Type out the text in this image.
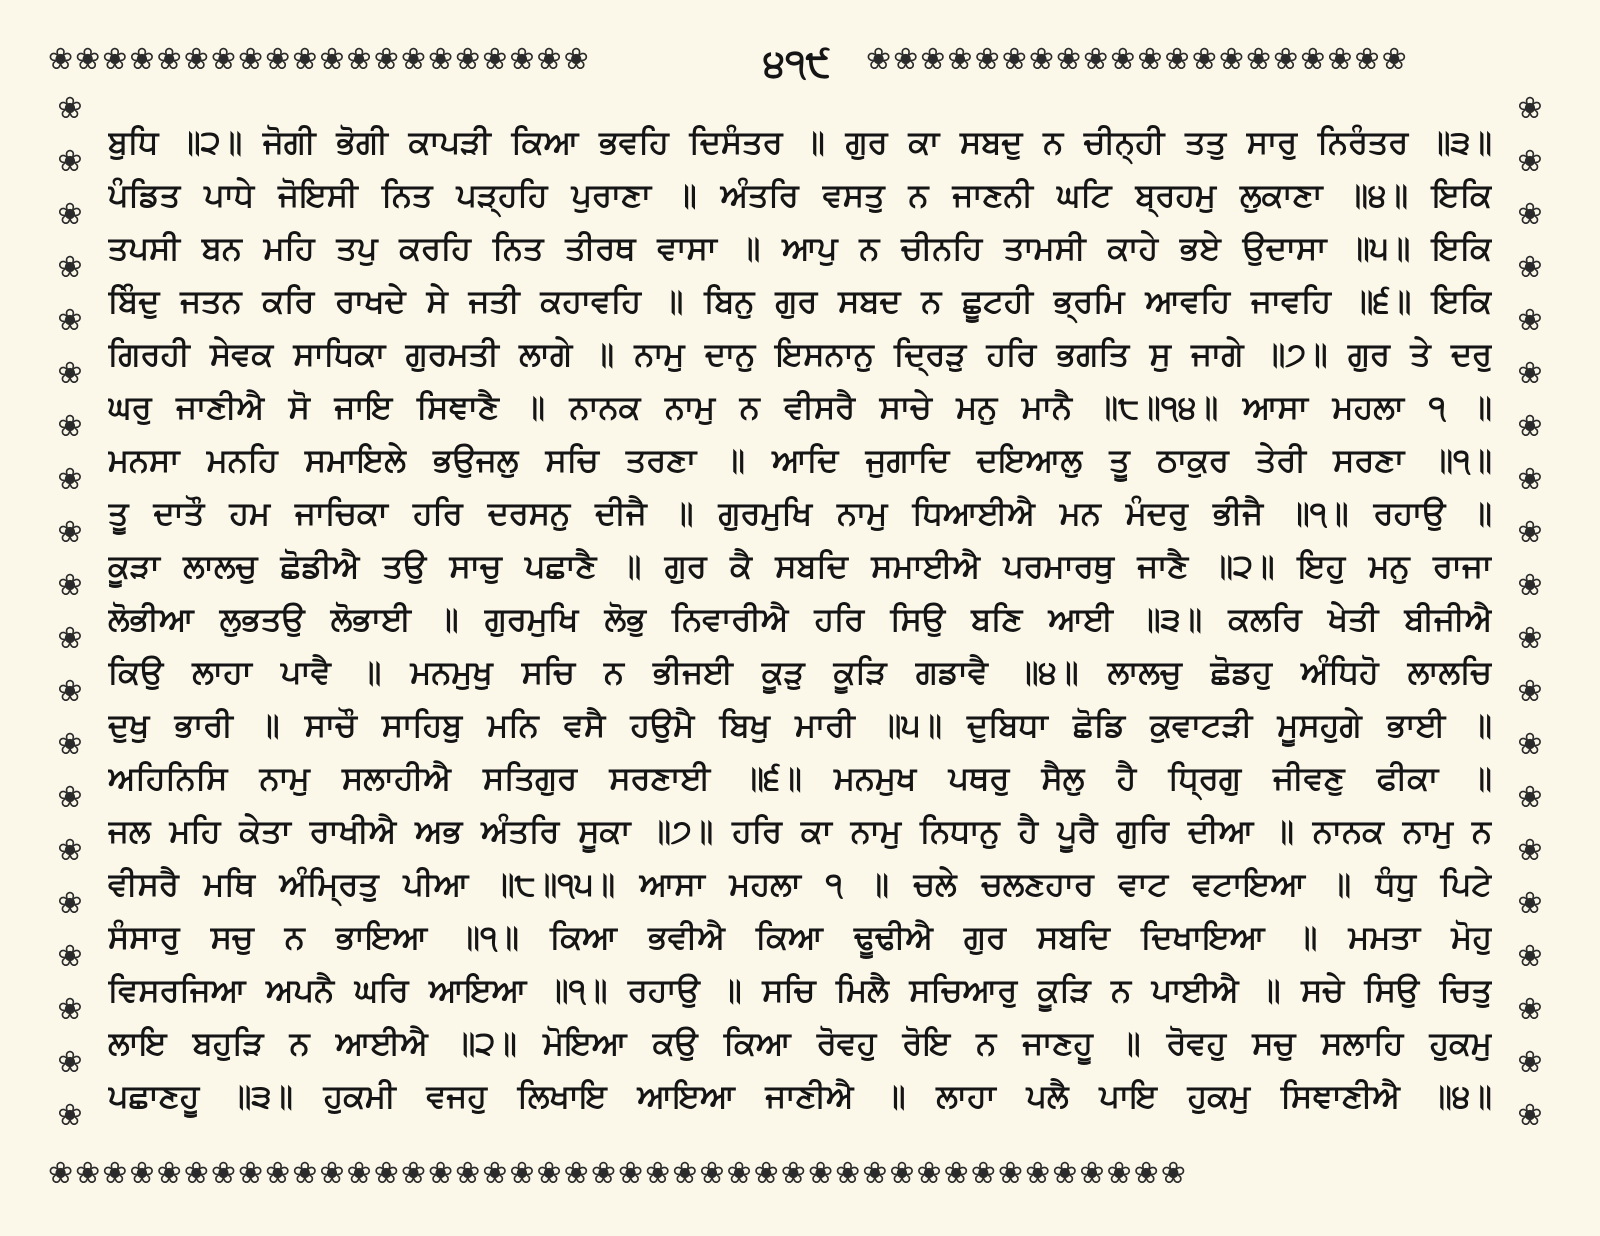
❀ ❀ ❀ ❀ ❀ ❀ ❀ ❀ ❀ ❀ ❀ ❀ ❀ ❀ ❀ ❀ ❀ ❀ ❀ ❀	੪੧੯	❀ ❀ ❀ ❀ ❀ ❀ ❀ ❀ ❀ ❀ ❀ ❀ ❀ ❀ ❀ ❀ ❀ ❀ ❀ ❀
❀
❀
❀
❀
❀
❀
❀
❀
❀
❀
❀
❀
❀
❀
❀
❀
❀
❀
❀
❀
❀
❀
❀
❀
❀
❀
❀
❀
❀
❀
❀
❀
❀
❀
❀
❀
❀
❀
❀
❀
❀ ❀ ❀ ❀ ❀ ❀ ❀ ❀ ❀ ❀ ❀ ❀ ❀ ❀ ❀ ❀ ❀ ❀ ❀ ❀ ❀ ❀ ❀ ❀ ❀ ❀ ❀ ❀ ❀ ❀ ❀ ❀ ❀ ❀ ❀ ❀ ❀ ❀ ❀ ❀ ❀ ❀
ਬੁਧਿ ॥੨॥ ਜੋਗੀ ਭੋਗੀ ਕਾਪੜੀ ਕਿਆ ਭਵਹਿ ਦਿਸੰਤਰ ॥ ਗੁਰ ਕਾ ਸਬਦੁ ਨ ਚੀਨ੍ਹੀ ਤਤੁ ਸਾਰੁ ਨਿਰੰਤਰ ॥੩॥
ਪੰਡਿਤ ਪਾਧੇ ਜੋਇਸੀ ਨਿਤ ਪੜ੍ਹਹਿ ਪੁਰਾਣਾ ॥ ਅੰਤਰਿ ਵਸਤੁ ਨ ਜਾਣਨੀ ਘਟਿ ਬ੍ਰਹਮੁ ਲੁਕਾਣਾ ॥੪॥ ਇਕਿ
ਤਪਸੀ ਬਨ ਮਹਿ ਤਪੁ ਕਰਹਿ ਨਿਤ ਤੀਰਥ ਵਾਸਾ ॥ ਆਪੁ ਨ ਚੀਨਹਿ ਤਾਮਸੀ ਕਾਹੇ ਭਏ ਉਦਾਸਾ ॥੫॥ ਇਕਿ
ਬਿੰਦੁ ਜਤਨ ਕਰਿ ਰਾਖਦੇ ਸੇ ਜਤੀ ਕਹਾਵਹਿ ॥ ਬਿਨੁ ਗੁਰ ਸਬਦ ਨ ਛੂਟਹੀ ਭ੍ਰਮਿ ਆਵਹਿ ਜਾਵਹਿ ॥੬॥ ਇਕਿ
ਗਿਰਹੀ ਸੇਵਕ ਸਾਧਿਕਾ ਗੁਰਮਤੀ ਲਾਗੇ ॥ ਨਾਮੁ ਦਾਨੁ ਇਸਨਾਨੁ ਦ੍ਰਿੜੁ ਹਰਿ ਭਗਤਿ ਸੁ ਜਾਗੇ ॥੭॥ ਗੁਰ ਤੇ ਦਰੁ
ਘਰੁ ਜਾਣੀਐ ਸੋ ਜਾਇ ਸਿਞਾਣੈ ॥ ਨਾਨਕ ਨਾਮੁ ਨ ਵੀਸਰੈ ਸਾਚੇ ਮਨੁ ਮਾਨੈ ॥੮॥੧੪॥ ਆਸਾ ਮਹਲਾ ੧ ॥
ਮਨਸਾ ਮਨਹਿ ਸਮਾਇਲੇ ਭਉਜਲੁ ਸਚਿ ਤਰਣਾ ॥ ਆਦਿ ਜੁਗਾਦਿ ਦਇਆਲੁ ਤੂ ਠਾਕੁਰ ਤੇਰੀ ਸਰਣਾ ॥੧॥
ਤੂ ਦਾਤੌ ਹਮ ਜਾਚਿਕਾ ਹਰਿ ਦਰਸਨੁ ਦੀਜੈ ॥ ਗੁਰਮੁਖਿ ਨਾਮੁ ਧਿਆਈਐ ਮਨ ਮੰਦਰੁ ਭੀਜੈ ॥੧॥ ਰਹਾਉ ॥
ਕੂੜਾ ਲਾਲਚੁ ਛੋਡੀਐ ਤਉ ਸਾਚੁ ਪਛਾਣੈ ॥ ਗੁਰ ਕੈ ਸਬਦਿ ਸਮਾਈਐ ਪਰਮਾਰਥੁ ਜਾਣੈ ॥੨॥ ਇਹੁ ਮਨੁ ਰਾਜਾ
ਲੋਭੀਆ ਲੁਭਤਉ ਲੋਭਾਈ ॥ ਗੁਰਮੁਖਿ ਲੋਭੁ ਨਿਵਾਰੀਐ ਹਰਿ ਸਿਉ ਬਣਿ ਆਈ ॥੩॥ ਕਲਰਿ ਖੇਤੀ ਬੀਜੀਐ
ਕਿਉ ਲਾਹਾ ਪਾਵੈ ॥ ਮਨਮੁਖੁ ਸਚਿ ਨ ਭੀਜਈ ਕੂੜੁ ਕੂੜਿ ਗਡਾਵੈ ॥੪॥ ਲਾਲਚੁ ਛੋਡਹੁ ਅੰਧਿਹੋ ਲਾਲਚਿ
ਦੁਖੁ ਭਾਰੀ ॥ ਸਾਚੌ ਸਾਹਿਬੁ ਮਨਿ ਵਸੈ ਹਉਮੈ ਬਿਖੁ ਮਾਰੀ ॥੫॥ ਦੁਬਿਧਾ ਛੋਡਿ ਕੁਵਾਟੜੀ ਮੂਸਹੁਗੇ ਭਾਈ ॥
ਅਹਿਨਿਸਿ ਨਾਮੁ ਸਲਾਹੀਐ ਸਤਿਗੁਰ ਸਰਣਾਈ ॥੬॥ ਮਨਮੁਖ ਪਥਰੁ ਸੈਲੁ ਹੈ ਧ੍ਰਿਗੁ ਜੀਵਣੁ ਫੀਕਾ ॥
ਜਲ ਮਹਿ ਕੇਤਾ ਰਾਖੀਐ ਅਭ ਅੰਤਰਿ ਸੂਕਾ ॥੭॥ ਹਰਿ ਕਾ ਨਾਮੁ ਨਿਧਾਨੁ ਹੈ ਪੂਰੈ ਗੁਰਿ ਦੀਆ ॥ ਨਾਨਕ ਨਾਮੁ ਨ
ਵੀਸਰੈ ਮਥਿ ਅੰਮ੍ਰਿਤੁ ਪੀਆ ॥੮॥੧੫॥ ਆਸਾ ਮਹਲਾ ੧ ॥ ਚਲੇ ਚਲਣਹਾਰ ਵਾਟ ਵਟਾਇਆ ॥ ਧੰਧੁ ਪਿਟੇ
ਸੰਸਾਰੁ ਸਚੁ ਨ ਭਾਇਆ ॥੧॥ ਕਿਆ ਭਵੀਐ ਕਿਆ ਢੂਢੀਐ ਗੁਰ ਸਬਦਿ ਦਿਖਾਇਆ ॥ ਮਮਤਾ ਮੋਹੁ
ਵਿਸਰਜਿਆ ਅਪਨੈ ਘਰਿ ਆਇਆ ॥੧॥ ਰਹਾਉ ॥ ਸਚਿ ਮਿਲੈ ਸਚਿਆਰੁ ਕੂੜਿ ਨ ਪਾਈਐ ॥ ਸਚੇ ਸਿਉ ਚਿਤੁ
ਲਾਇ ਬਹੁੜਿ ਨ ਆਈਐ ॥੨॥ ਮੋਇਆ ਕਉ ਕਿਆ ਰੋਵਹੁ ਰੋਇ ਨ ਜਾਣਹੂ ॥ ਰੋਵਹੁ ਸਚੁ ਸਲਾਹਿ ਹੁਕਮੁ
ਪਛਾਣਹੂ ॥੩॥ ਹੁਕਮੀ ਵਜਹੁ ਲਿਖਾਇ ਆਇਆ ਜਾਣੀਐ ॥ ਲਾਹਾ ਪਲੈ ਪਾਇ ਹੁਕਮੁ ਸਿਞਾਣੀਐ ॥੪॥
